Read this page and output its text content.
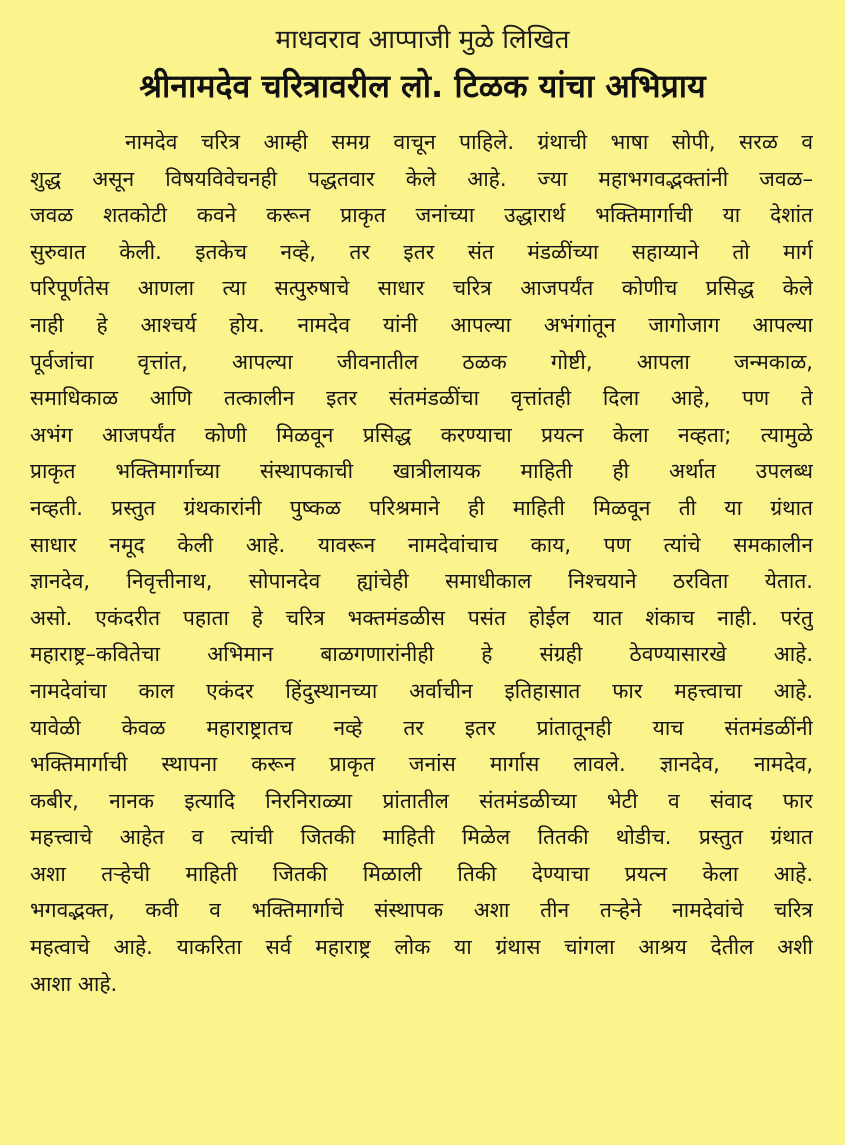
माधवराव आप्पाजी मुळे लिखित
श्रीनामदेव चरित्रावरील लो. टिळक यांचा अभिप्राय
नामदेव चरित्र आम्ही समग्र वाचून पाहिले. ग्रंथाची भाषा सोपी, सरळ व
शुद्ध असून विषयविवेचनही पद्धतवार केले आहे. ज्या महाभगवद्भक्तांनी जवळ–
जवळ शतकोटी कवने करून प्राकृत जनांच्या उद्धारार्थ भक्तिमार्गाची या देशांत
सुरुवात केली. इतकेच नव्हे, तर इतर संत मंडळींच्या सहाय्याने तो मार्ग
परिपूर्णतेस आणला त्या सत्पुरुषाचे साधार चरित्र आजपर्यंत कोणीच प्रसिद्ध केले
नाही हे आश्चर्य होय. नामदेव यांनी आपल्या अभंगांतून जागोजाग आपल्या
पूर्वजांचा वृत्तांत, आपल्या जीवनातील ठळक गोष्टी, आपला जन्मकाळ,
समाधिकाळ आणि तत्कालीन इतर संतमंडळींचा वृत्तांतही दिला आहे, पण ते
अभंग आजपर्यंत कोणी मिळवून प्रसिद्ध करण्याचा प्रयत्न केला नव्हता; त्यामुळे
प्राकृत भक्तिमार्गाच्या संस्थापकाची खात्रीलायक माहिती ही अर्थात उपलब्ध
नव्हती. प्रस्तुत ग्रंथकारांनी पुष्कळ परिश्रमाने ही माहिती मिळवून ती या ग्रंथात
साधार नमूद केली आहे. यावरून नामदेवांचाच काय, पण त्यांचे समकालीन
ज्ञानदेव, निवृत्तीनाथ, सोपानदेव ह्यांचेही समाधीकाल निश्चयाने ठरविता येतात.
असो. एकंदरीत पहाता हे चरित्र भक्तमंडळीस पसंत होईल यात शंकाच नाही. परंतु
महाराष्ट्र–कवितेचा अभिमान बाळगणारांनीही हे संग्रही ठेवण्यासारखे आहे.
नामदेवांचा काल एकंदर हिंदुस्थानच्या अर्वाचीन इतिहासात फार महत्त्वाचा आहे.
यावेळी केवळ महाराष्ट्रातच नव्हे तर इतर प्रांतातूनही याच संतमंडळींनी
भक्तिमार्गाची स्थापना करून प्राकृत जनांस मार्गास लावले. ज्ञानदेव, नामदेव,
कबीर, नानक इत्यादि निरनिराळ्या प्रांतातील संतमंडळीच्या भेटी व संवाद फार
महत्त्वाचे आहेत व त्यांची जितकी माहिती मिळेल तितकी थोडीच. प्रस्तुत ग्रंथात
अशा तऱ्हेची माहिती जितकी मिळाली तिकी देण्याचा प्रयत्न केला आहे.
भगवद्भक्त, कवी व भक्तिमार्गाचे संस्थापक अशा तीन तऱ्हेने नामदेवांचे चरित्र
महत्वाचे आहे. याकरिता सर्व महाराष्ट्र लोक या ग्रंथास चांगला आश्रय देतील अशी
आशा आहे.
